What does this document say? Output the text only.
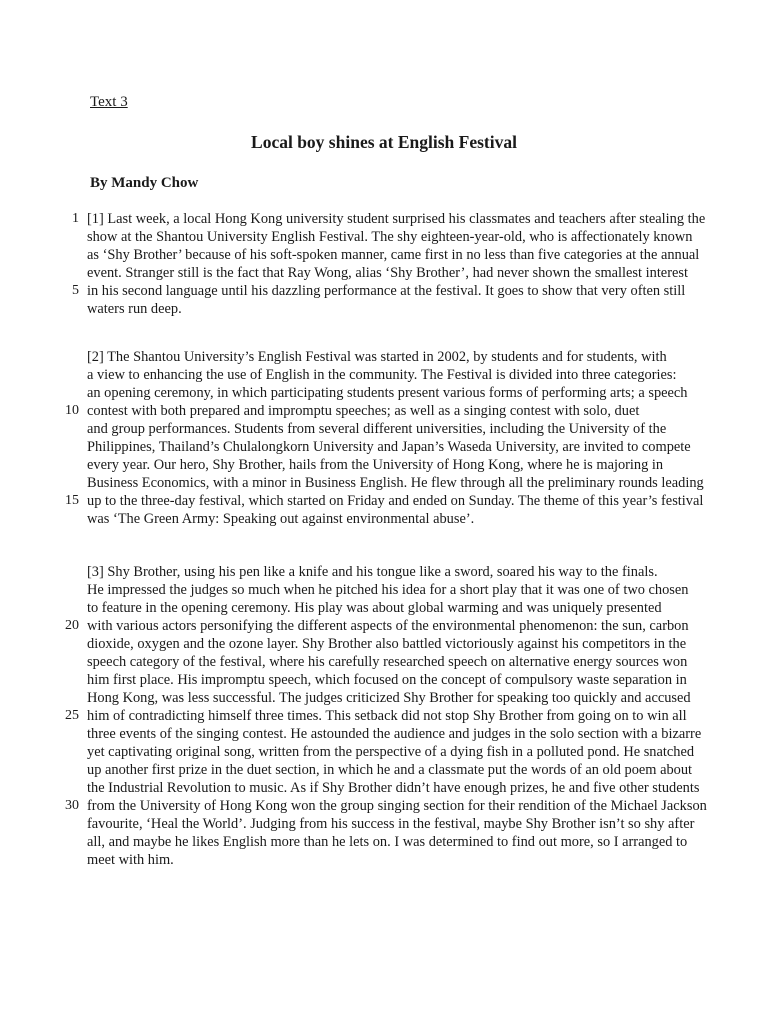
Text 3
Local boy shines at English Festival
By Mandy Chow
1 [1] Last week, a local Hong Kong university student surprised his classmates and teachers after stealing the
show at the Shantou University English Festival. The shy eighteen-year-old, who is affectionately known
as ‘Shy Brother’ because of his soft-spoken manner, came first in no less than five categories at the annual
event. Stranger still is the fact that Ray Wong, alias ‘Shy Brother’, had never shown the smallest interest
5 in his second language until his dazzling performance at the festival. It goes to show that very often still
waters run deep.
[2] The Shantou University’s English Festival was started in 2002, by students and for students, with
a view to enhancing the use of English in the community. The Festival is divided into three categories:
an opening ceremony, in which participating students present various forms of performing arts; a speech
10 contest with both prepared and impromptu speeches; as well as a singing contest with solo, duet
and group performances. Students from several different universities, including the University of the
Philippines, Thailand’s Chulalongkorn University and Japan’s Waseda University, are invited to compete
every year. Our hero, Shy Brother, hails from the University of Hong Kong, where he is majoring in
Business Economics, with a minor in Business English. He flew through all the preliminary rounds leading
15 up to the three-day festival, which started on Friday and ended on Sunday. The theme of this year’s festival
was ‘The Green Army: Speaking out against environmental abuse’.
[3] Shy Brother, using his pen like a knife and his tongue like a sword, soared his way to the finals.
He impressed the judges so much when he pitched his idea for a short play that it was one of two chosen
to feature in the opening ceremony. His play was about global warming and was uniquely presented
20 with various actors personifying the different aspects of the environmental phenomenon: the sun, carbon
dioxide, oxygen and the ozone layer. Shy Brother also battled victoriously against his competitors in the
speech category of the festival, where his carefully researched speech on alternative energy sources won
him first place. His impromptu speech, which focused on the concept of compulsory waste separation in
Hong Kong, was less successful. The judges criticized Shy Brother for speaking too quickly and accused
25 him of contradicting himself three times. This setback did not stop Shy Brother from going on to win all
three events of the singing contest. He astounded the audience and judges in the solo section with a bizarre
yet captivating original song, written from the perspective of a dying fish in a polluted pond. He snatched
up another first prize in the duet section, in which he and a classmate put the words of an old poem about
the Industrial Revolution to music. As if Shy Brother didn’t have enough prizes, he and five other students
30 from the University of Hong Kong won the group singing section for their rendition of the Michael Jackson
favourite, ‘Heal the World’. Judging from his success in the festival, maybe Shy Brother isn’t so shy after
all, and maybe he likes English more than he lets on. I was determined to find out more, so I arranged to
meet with him.
